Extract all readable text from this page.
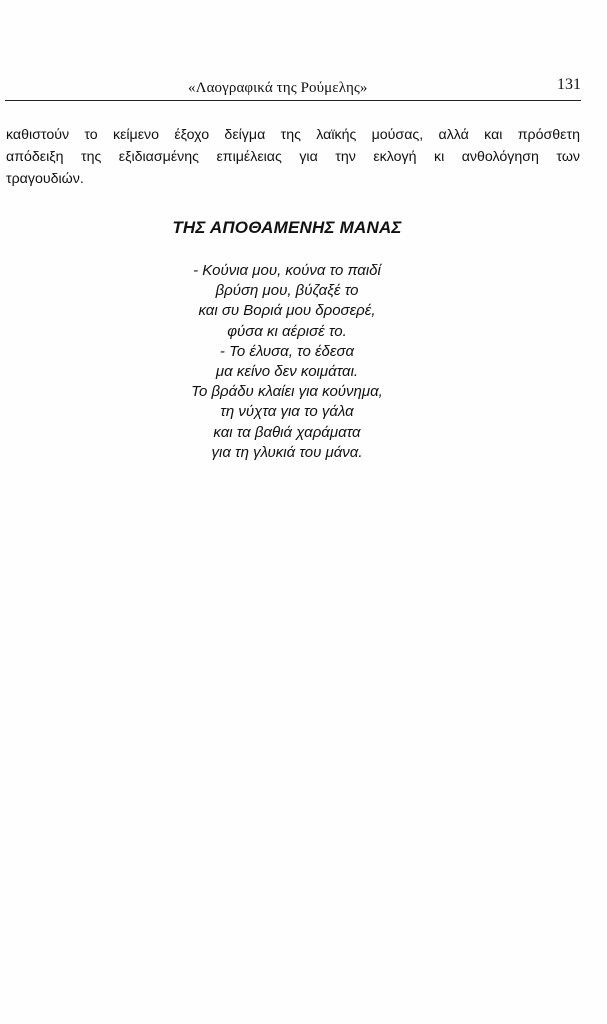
«Λαογραφικά της Ρούμελης»	131
καθιστούν το κείμενο έξοχο δείγμα της λαϊκής μούσας, αλλά και πρόσθετη
απόδειξη της εξιδιασμένης επιμέλειας για την εκλογή κι ανθολόγηση των
τραγουδιών.
ΤΗΣ ΑΠΟΘΑΜΕΝΗΣ ΜΑΝΑΣ
- Κούνια μου, κούνα το παιδί
βρύση μου, βύζαξέ το
και συ Βοριά μου δροσερέ,
φύσα κι αέρισέ το.
- Το έλυσα, το έδεσα
μα κείνο δεν κοιμάται.
Το βράδυ κλαίει για κούνημα,
τη νύχτα για το γάλα
και τα βαθιά χαράματα
για τη γλυκιά του μάνα.
